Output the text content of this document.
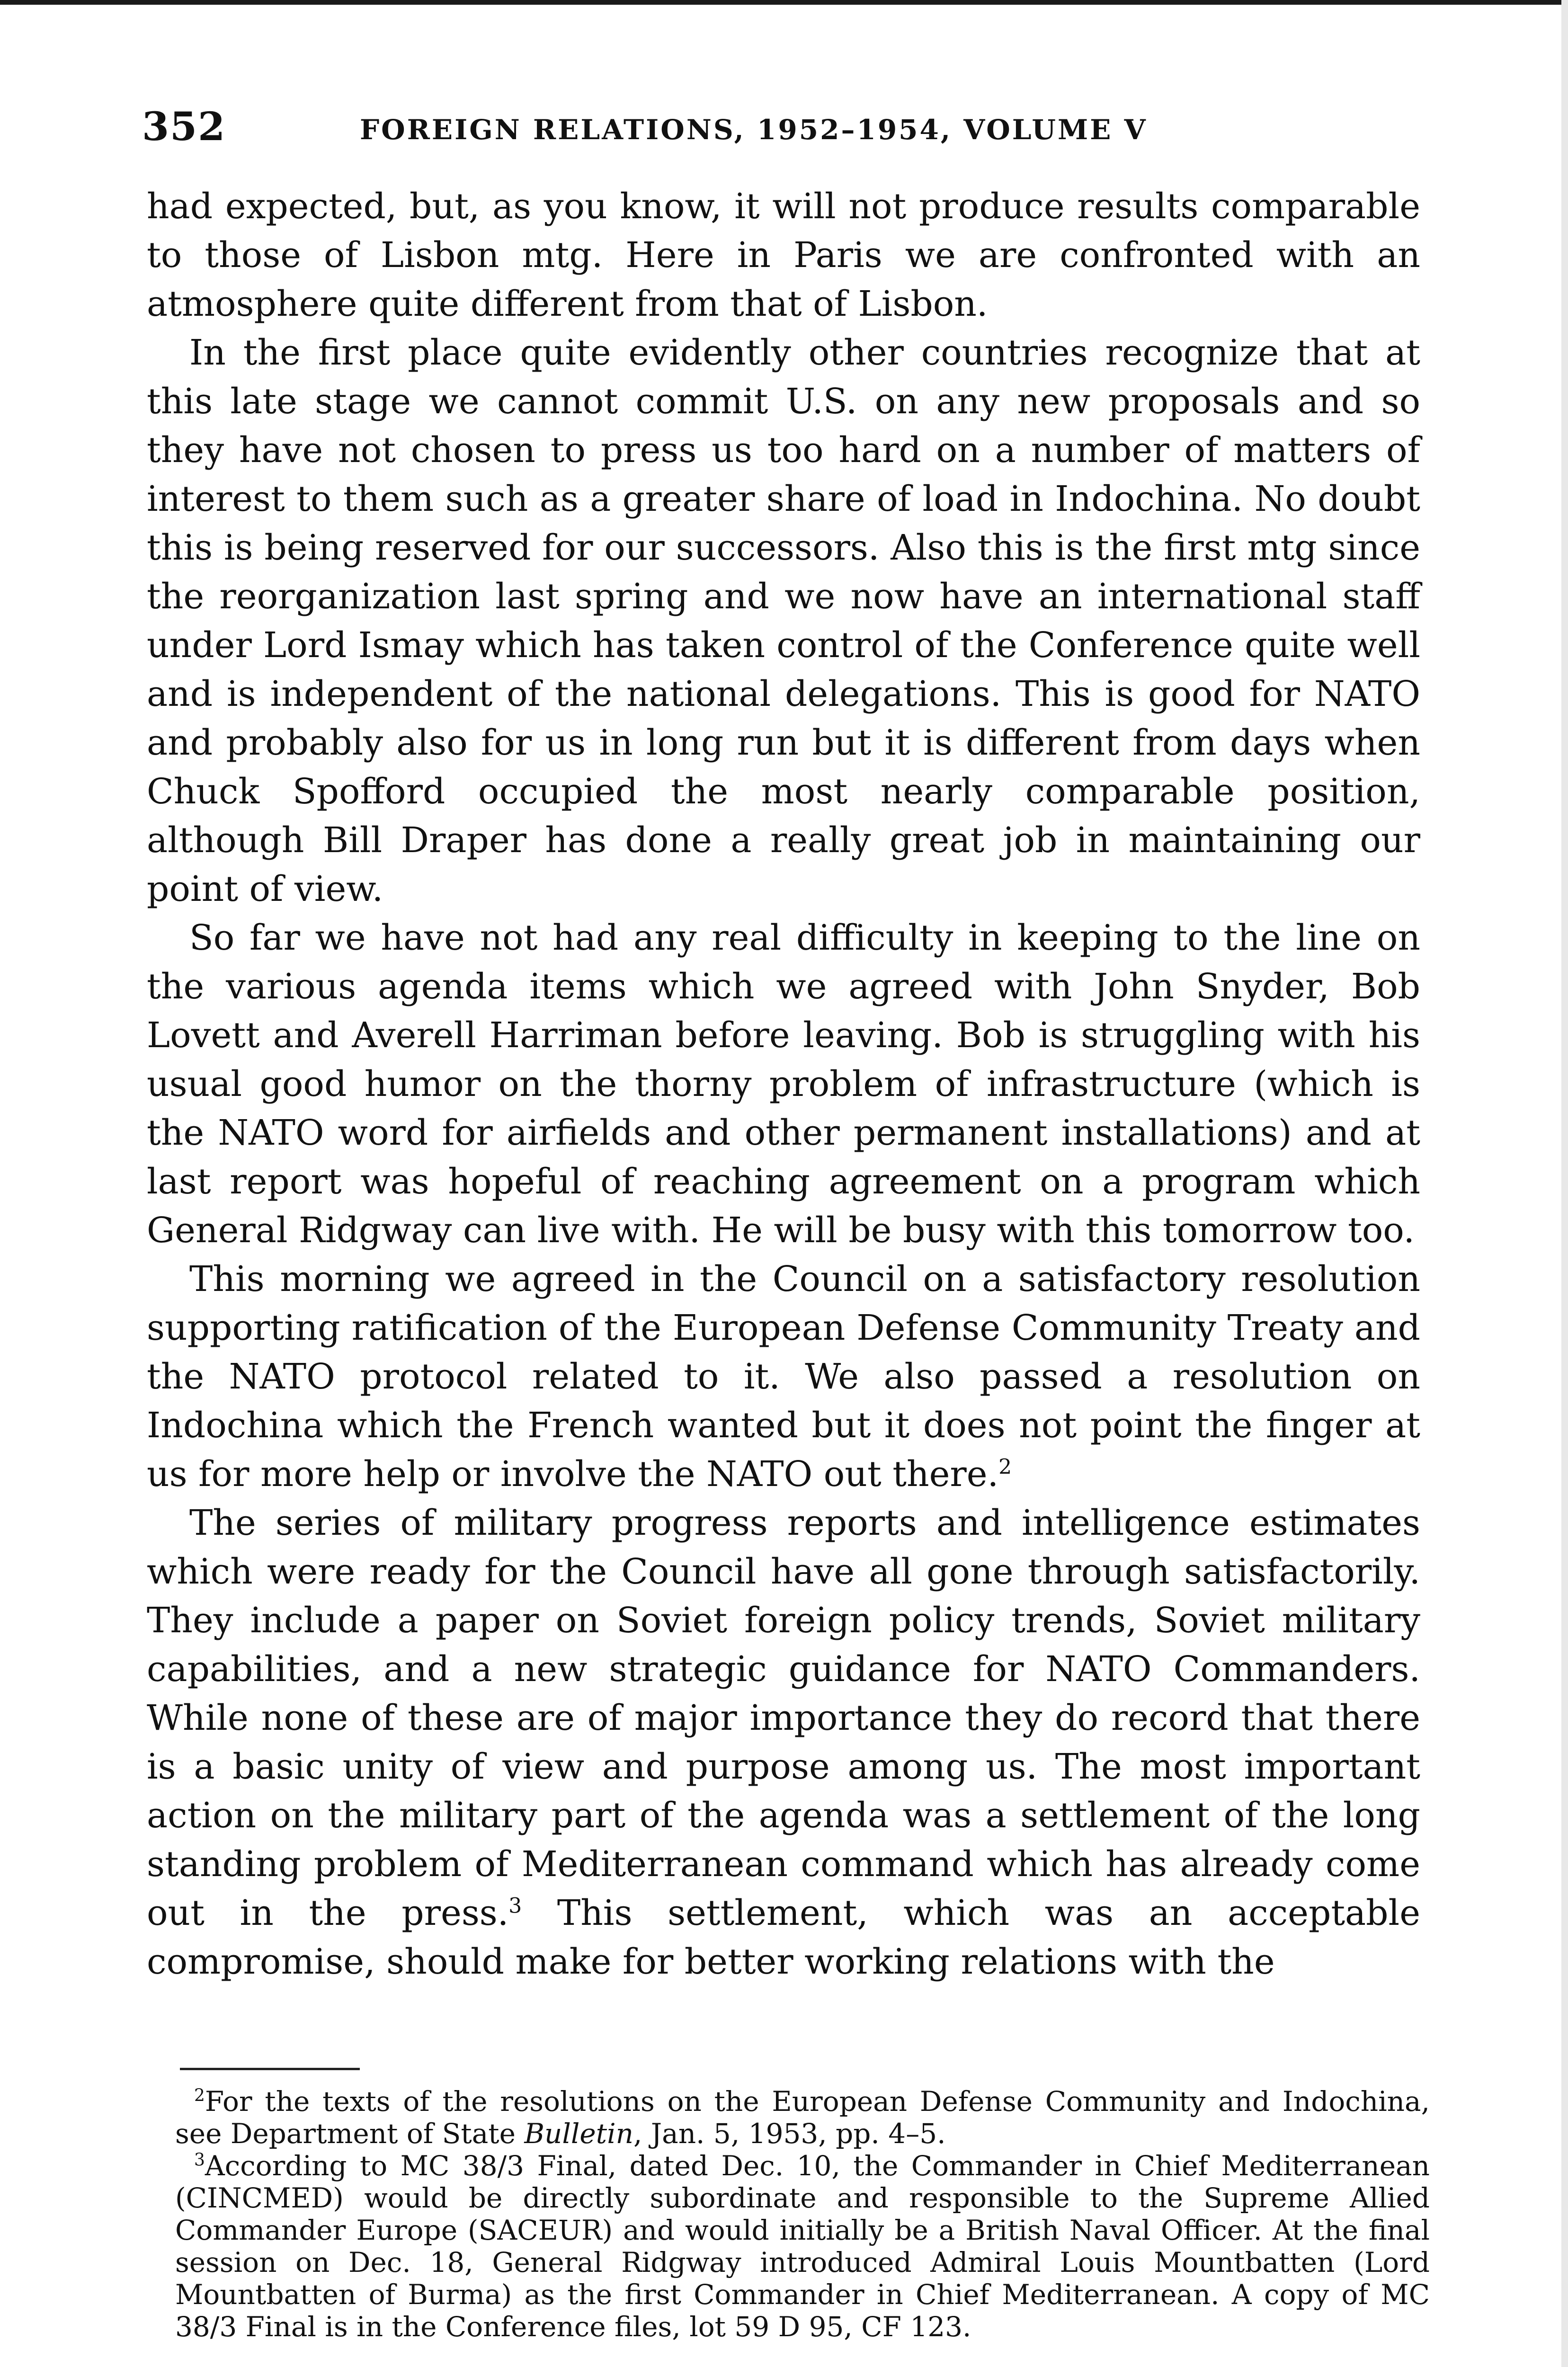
352	FOREIGN RELATIONS, 1952–1954, VOLUME V

had expected, but, as you know, it will not produce results comparable to those of Lisbon mtg. Here in Paris we are confronted with an atmosphere quite different from that of Lisbon.

In the first place quite evidently other countries recognize that at this late stage we cannot commit U.S. on any new proposals and so they have not chosen to press us too hard on a number of matters of interest to them such as a greater share of load in Indochina. No doubt this is being reserved for our successors. Also this is the first mtg since the reorganization last spring and we now have an international staff under Lord Ismay which has taken control of the Conference quite well and is independent of the national delegations. This is good for NATO and probably also for us in long run but it is different from days when Chuck Spofford occupied the most nearly comparable position, although Bill Draper has done a really great job in maintaining our point of view.

So far we have not had any real difficulty in keeping to the line on the various agenda items which we agreed with John Snyder, Bob Lovett and Averell Harriman before leaving. Bob is struggling with his usual good humor on the thorny problem of infrastructure (which is the NATO word for airfields and other permanent installations) and at last report was hopeful of reaching agreement on a program which General Ridgway can live with. He will be busy with this tomorrow too.

This morning we agreed in the Council on a satisfactory resolution supporting ratification of the European Defense Community Treaty and the NATO protocol related to it. We also passed a resolution on Indochina which the French wanted but it does not point the finger at us for more help or involve the NATO out there.$^2$

The series of military progress reports and intelligence estimates which were ready for the Council have all gone through satisfactorily. They include a paper on Soviet foreign policy trends, Soviet military capabilities, and a new strategic guidance for NATO Commanders. While none of these are of major importance they do record that there is a basic unity of view and purpose among us. The most important action on the military part of the agenda was a settlement of the long standing problem of Mediterranean command which has already come out in the press.$^3$ This settlement, which was an acceptable compromise, should make for better working relations with the

$^2$For the texts of the resolutions on the European Defense Community and Indochina, see Department of State Bulletin, Jan. 5, 1953, pp. 4–5.

$^3$According to MC 38/3 Final, dated Dec. 10, the Commander in Chief Mediterranean (CINCMED) would be directly subordinate and responsible to the Supreme Allied Commander Europe (SACEUR) and would initially be a British Naval Officer. At the final session on Dec. 18, General Ridgway introduced Admiral Louis Mountbatten (Lord Mountbatten of Burma) as the first Commander in Chief Mediterranean. A copy of MC 38/3 Final is in the Conference files, lot 59 D 95, CF 123.
